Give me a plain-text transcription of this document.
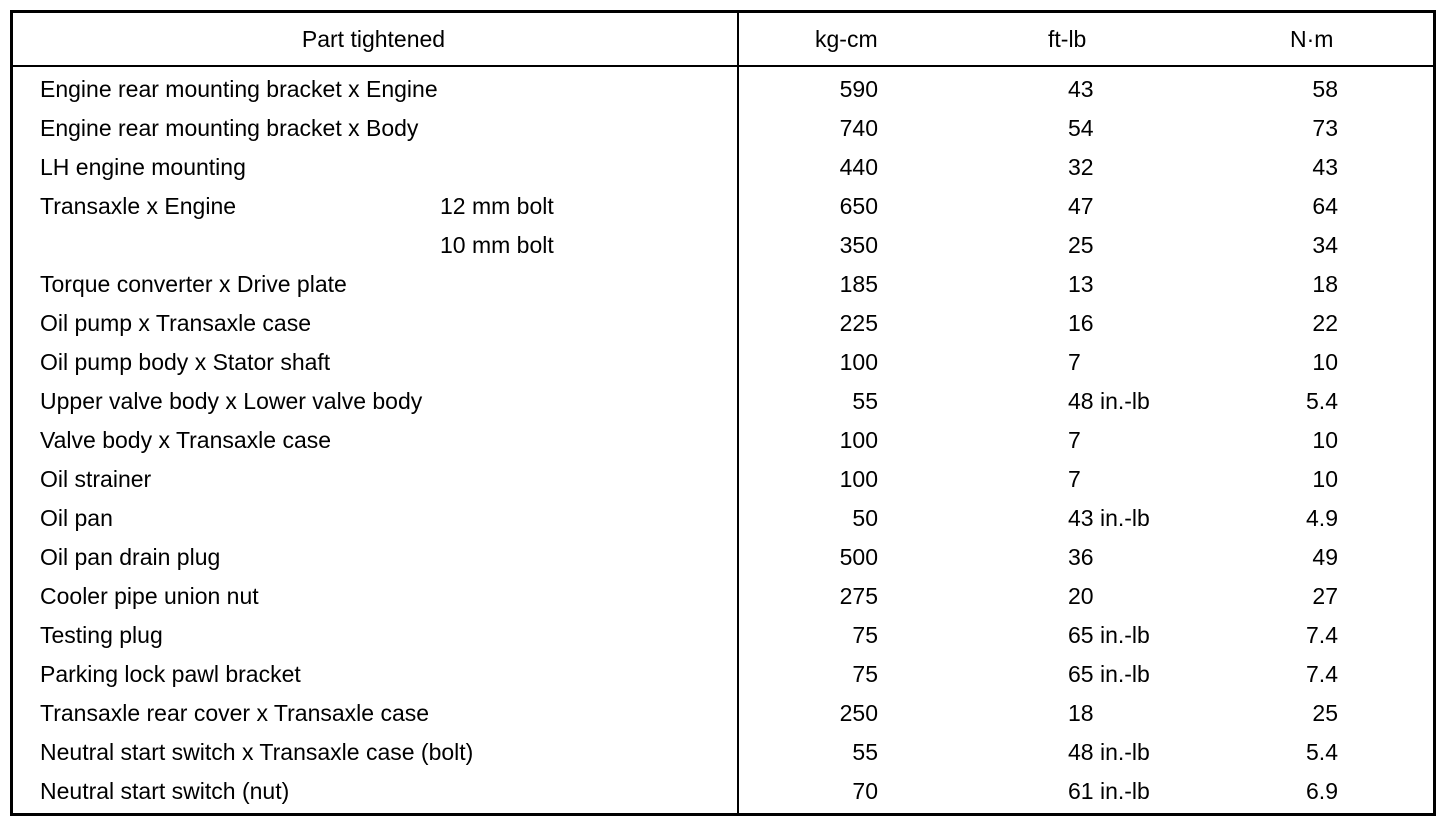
Part tightened	kg-cm	ft-lb	N·m
Engine rear mounting bracket x Engine	590	43	58
Engine rear mounting bracket x Body	740	54	73
LH engine mounting	440	32	43
Transaxle x Engine	12 mm bolt	650	47	64
10 mm bolt	350	25	34
Torque converter x Drive plate	185	13	18
Oil pump x Transaxle case	225	16	22
Oil pump body x Stator shaft	100	7	10
Upper valve body x Lower valve body	55	48 in.-lb	5.4
Valve body x Transaxle case	100	7	10
Oil strainer	100	7	10
Oil pan	50	43 in.-lb	4.9
Oil pan drain plug	500	36	49
Cooler pipe union nut	275	20	27
Testing plug	75	65 in.-lb	7.4
Parking lock pawl bracket	75	65 in.-lb	7.4
Transaxle rear cover x Transaxle case	250	18	25
Neutral start switch x Transaxle case (bolt)	55	48 in.-lb	5.4
Neutral start switch (nut)	70	61 in.-lb	6.9
